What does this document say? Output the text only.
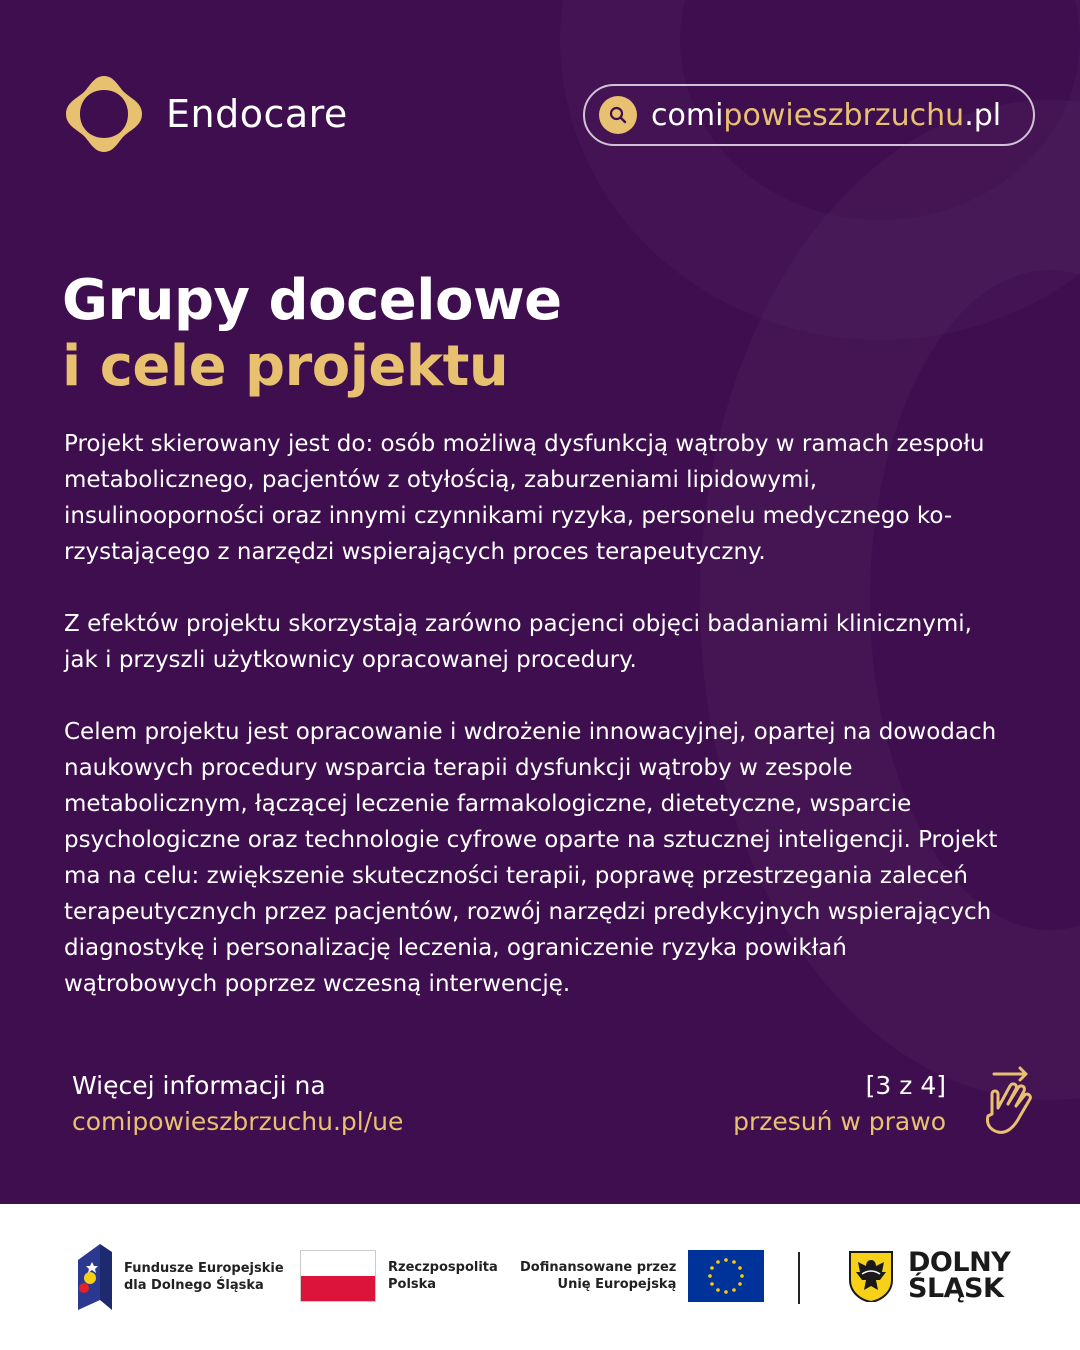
Endocare	comipowieszbrzuchu.pl
Grupy docelowe
i cele projektu

Projekt skierowany jest do: osób możliwą dysfunkcją wątroby w ramach zespołu metabolicznego, pacjentów z otyłością, zaburzeniami lipidowymi, insulinooporności oraz innymi czynnikami ryzyka, personelu medycznego ko- rzystającego z narzędzi wspierających proces terapeutyczny.

Z efektów projektu skorzystają zarówno pacjenci objęci badaniami klinicznymi, jak i przyszli użytkownicy opracowanej procedury.

Celem projektu jest opracowanie i wdrożenie innowacyjnej, opartej na dowodach naukowych procedury wsparcia terapii dysfunkcji wątroby w zespole metabolicznym, łączącej leczenie farmakologiczne, dietetyczne, wsparcie psychologiczne oraz technologie cyfrowe oparte na sztucznej inteligencji. Projekt ma na celu: zwiększenie skuteczności terapii, poprawę przestrzegania zaleceń terapeutycznych przez pacjentów, rozwój narzędzi predykcyjnych wspierających diagnostykę i personalizację leczenia, ograniczenie ryzyka powikłań wątrobowych poprzez wczesną interwencję.

Więcej informacji na
comipowieszbrzuchu.pl/ue
[3 z 4]
przesuń w prawo
Fundusze Europejskie
dla Dolnego Śląska
Rzeczpospolita
Polska
Dofinansowane przez
Unię Europejską
DOLNY
ŚLĄSK
